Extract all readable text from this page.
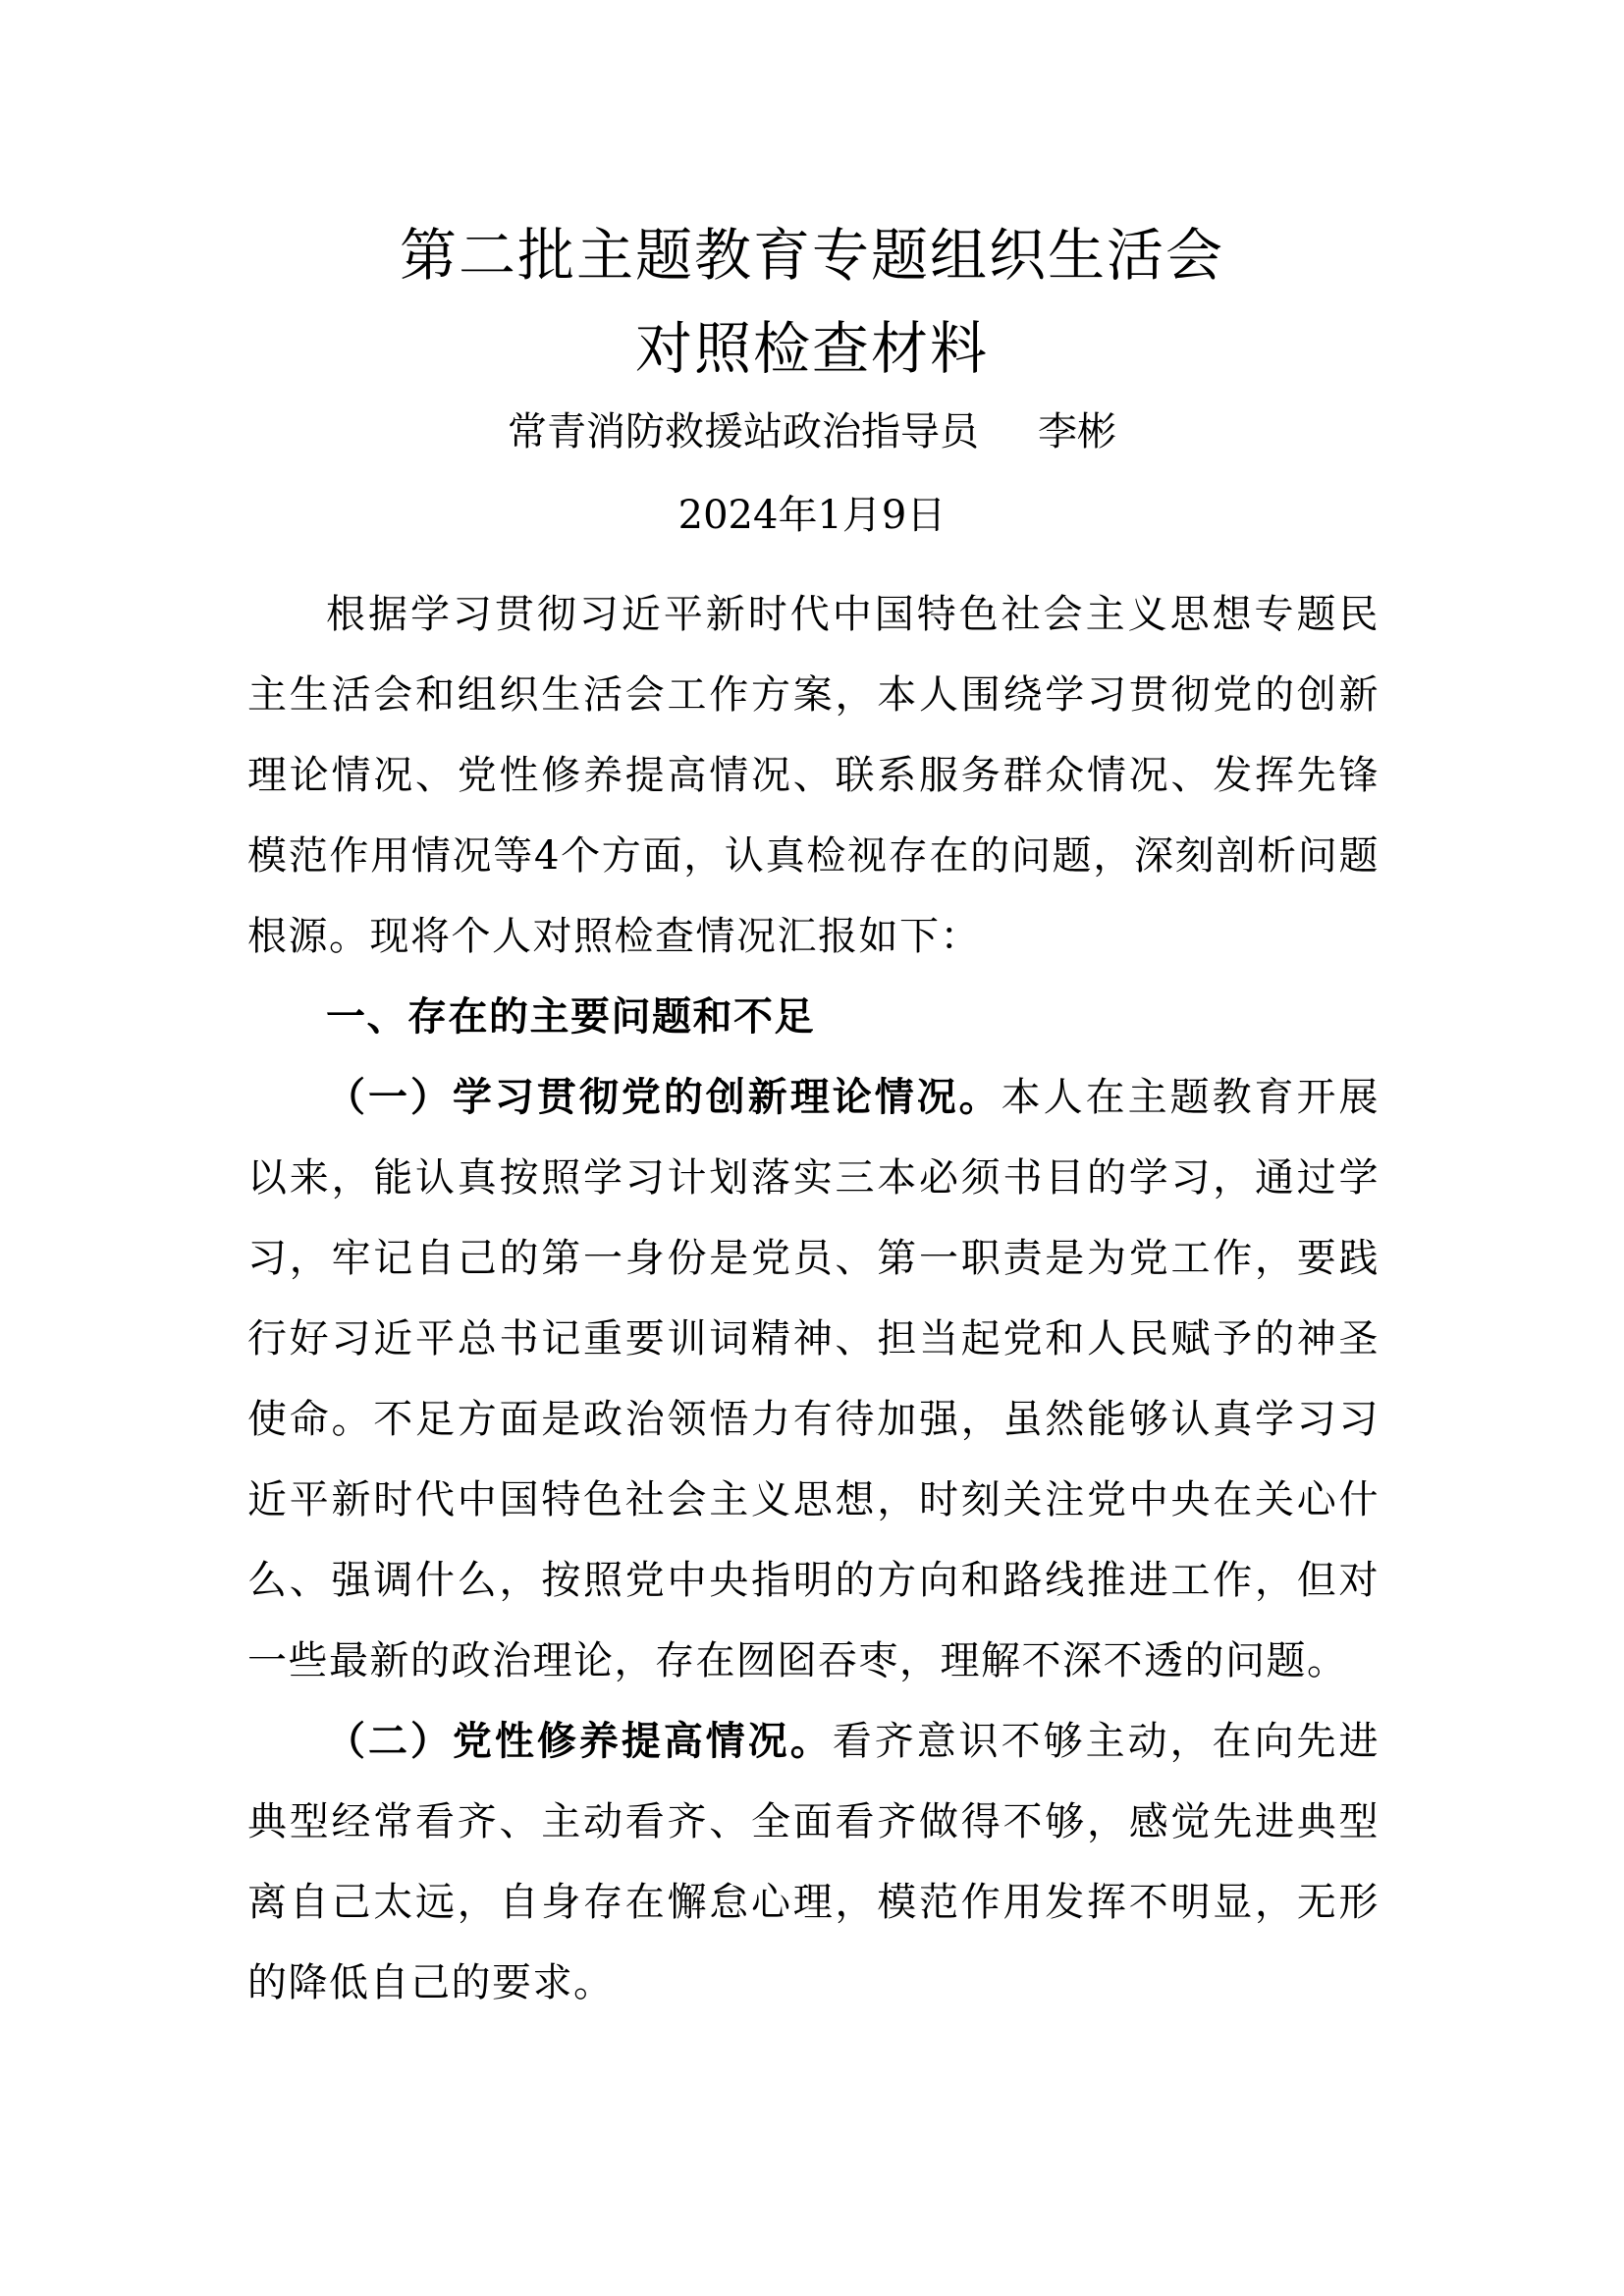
第二批主题教育专题组织生活会
对照检查材料

常青消防救援站政治指导员 李彬

2024年1月9日

根据学习贯彻习近平新时代中国特色社会主义思想专题民主生活会和组织生活会工作方案，本人围绕学习贯彻党的创新理论情况、党性修养提高情况、联系服务群众情况、发挥先锋模范作用情况等4个方面，认真检视存在的问题，深刻剖析问题根源。现将个人对照检查情况汇报如下：

一、存在的主要问题和不足

（一）学习贯彻党的创新理论情况。本人在主题教育开展以来，能认真按照学习计划落实三本必须书目的学习，通过学习，牢记自己的第一身份是党员、第一职责是为党工作，要践行好习近平总书记重要训词精神、担当起党和人民赋予的神圣使命。不足方面是政治领悟力有待加强，虽然能够认真学习习近平新时代中国特色社会主义思想，时刻关注党中央在关心什么、强调什么，按照党中央指明的方向和路线推进工作，但对一些最新的政治理论，存在囫囵吞枣，理解不深不透的问题。

（二）党性修养提高情况。看齐意识不够主动，在向先进典型经常看齐、主动看齐、全面看齐做得不够，感觉先进典型离自己太远，自身存在懈怠心理，模范作用发挥不明显，无形的降低自己的要求。
